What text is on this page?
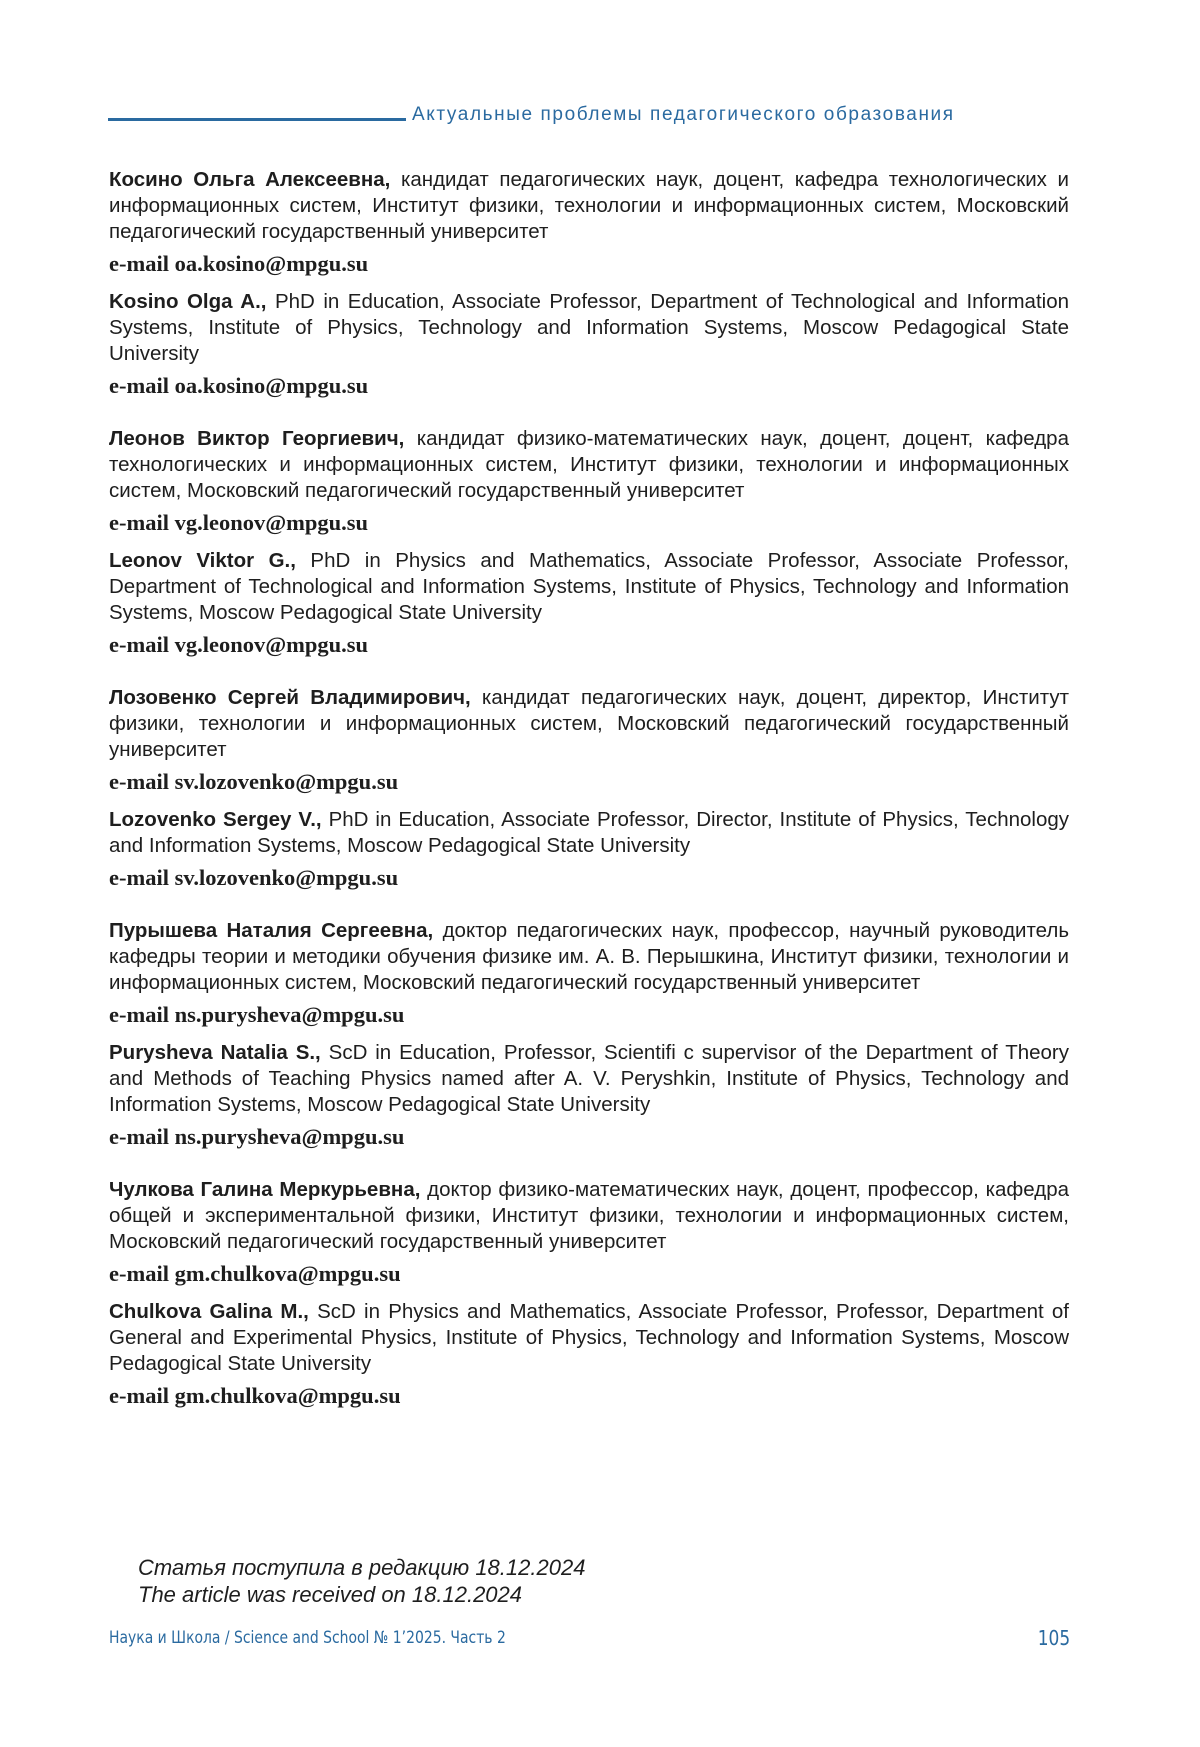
Актуальные проблемы педагогического образования

Косино Ольга Алексеевна, кандидат педагогических наук, доцент, кафедра технологических и информационных систем, Институт физики, технологии и информационных систем, Московский педагогический государственный университет

e-mail oa.kosino@mpgu.su

Kosino Olga A., PhD in Education, Associate Professor, Department of Technological and Information Systems, Institute of Physics, Technology and Information Systems, Moscow Pedagogical State University

e-mail oa.kosino@mpgu.su

Леонов Виктор Георгиевич, кандидат физико-математических наук, доцент, доцент, кафедра технологических и информационных систем, Институт физики, технологии и информационных систем, Московский педагогический государственный университет

e-mail vg.leonov@mpgu.su

Leonov Viktor G., PhD in Physics and Mathematics, Associate Professor, Associate Professor, Department of Technological and Information Systems, Institute of Physics, Technology and Information Systems, Moscow Pedagogical State University

e-mail vg.leonov@mpgu.su

Лозовенко Сергей Владимирович, кандидат педагогических наук, доцент, директор, Институт физики, технологии и информационных систем, Московский педагогический государственный университет

e-mail sv.lozovenko@mpgu.su

Lozovenko Sergey V., PhD in Education, Associate Professor, Director, Institute of Physics, Technology and Information Systems, Moscow Pedagogical State University

e-mail sv.lozovenko@mpgu.su

Пурышева Наталия Сергеевна, доктор педагогических наук, профессор, научный руководитель кафедры теории и методики обучения физике им. А. В. Перышкина, Институт физики, технологии и информационных систем, Московский педагогический государственный университет

e-mail ns.purysheva@mpgu.su

Purysheva Natalia S., ScD in Education, Professor, Scientifi c supervisor of the Department of Theory and Methods of Teaching Physics named after A. V. Peryshkin, Institute of Physics, Technology and Information Systems, Moscow Pedagogical State University

e-mail ns.purysheva@mpgu.su

Чулкова Галина Меркурьевна, доктор физико-математических наук, доцент, профессор, кафедра общей и экспериментальной физики, Институт физики, технологии и информационных систем, Московский педагогический государственный университет

e-mail gm.chulkova@mpgu.su

Chulkova Galina M., ScD in Physics and Mathematics, Associate Professor, Professor, Department of General and Experimental Physics, Institute of Physics, Technology and Information Systems, Moscow Pedagogical State University

e-mail gm.chulkova@mpgu.su

Статья поступила в редакцию 18.12.2024
The article was received on 18.12.2024
Наука и Школа / Science and School № 1’2025. Часть 2	105
